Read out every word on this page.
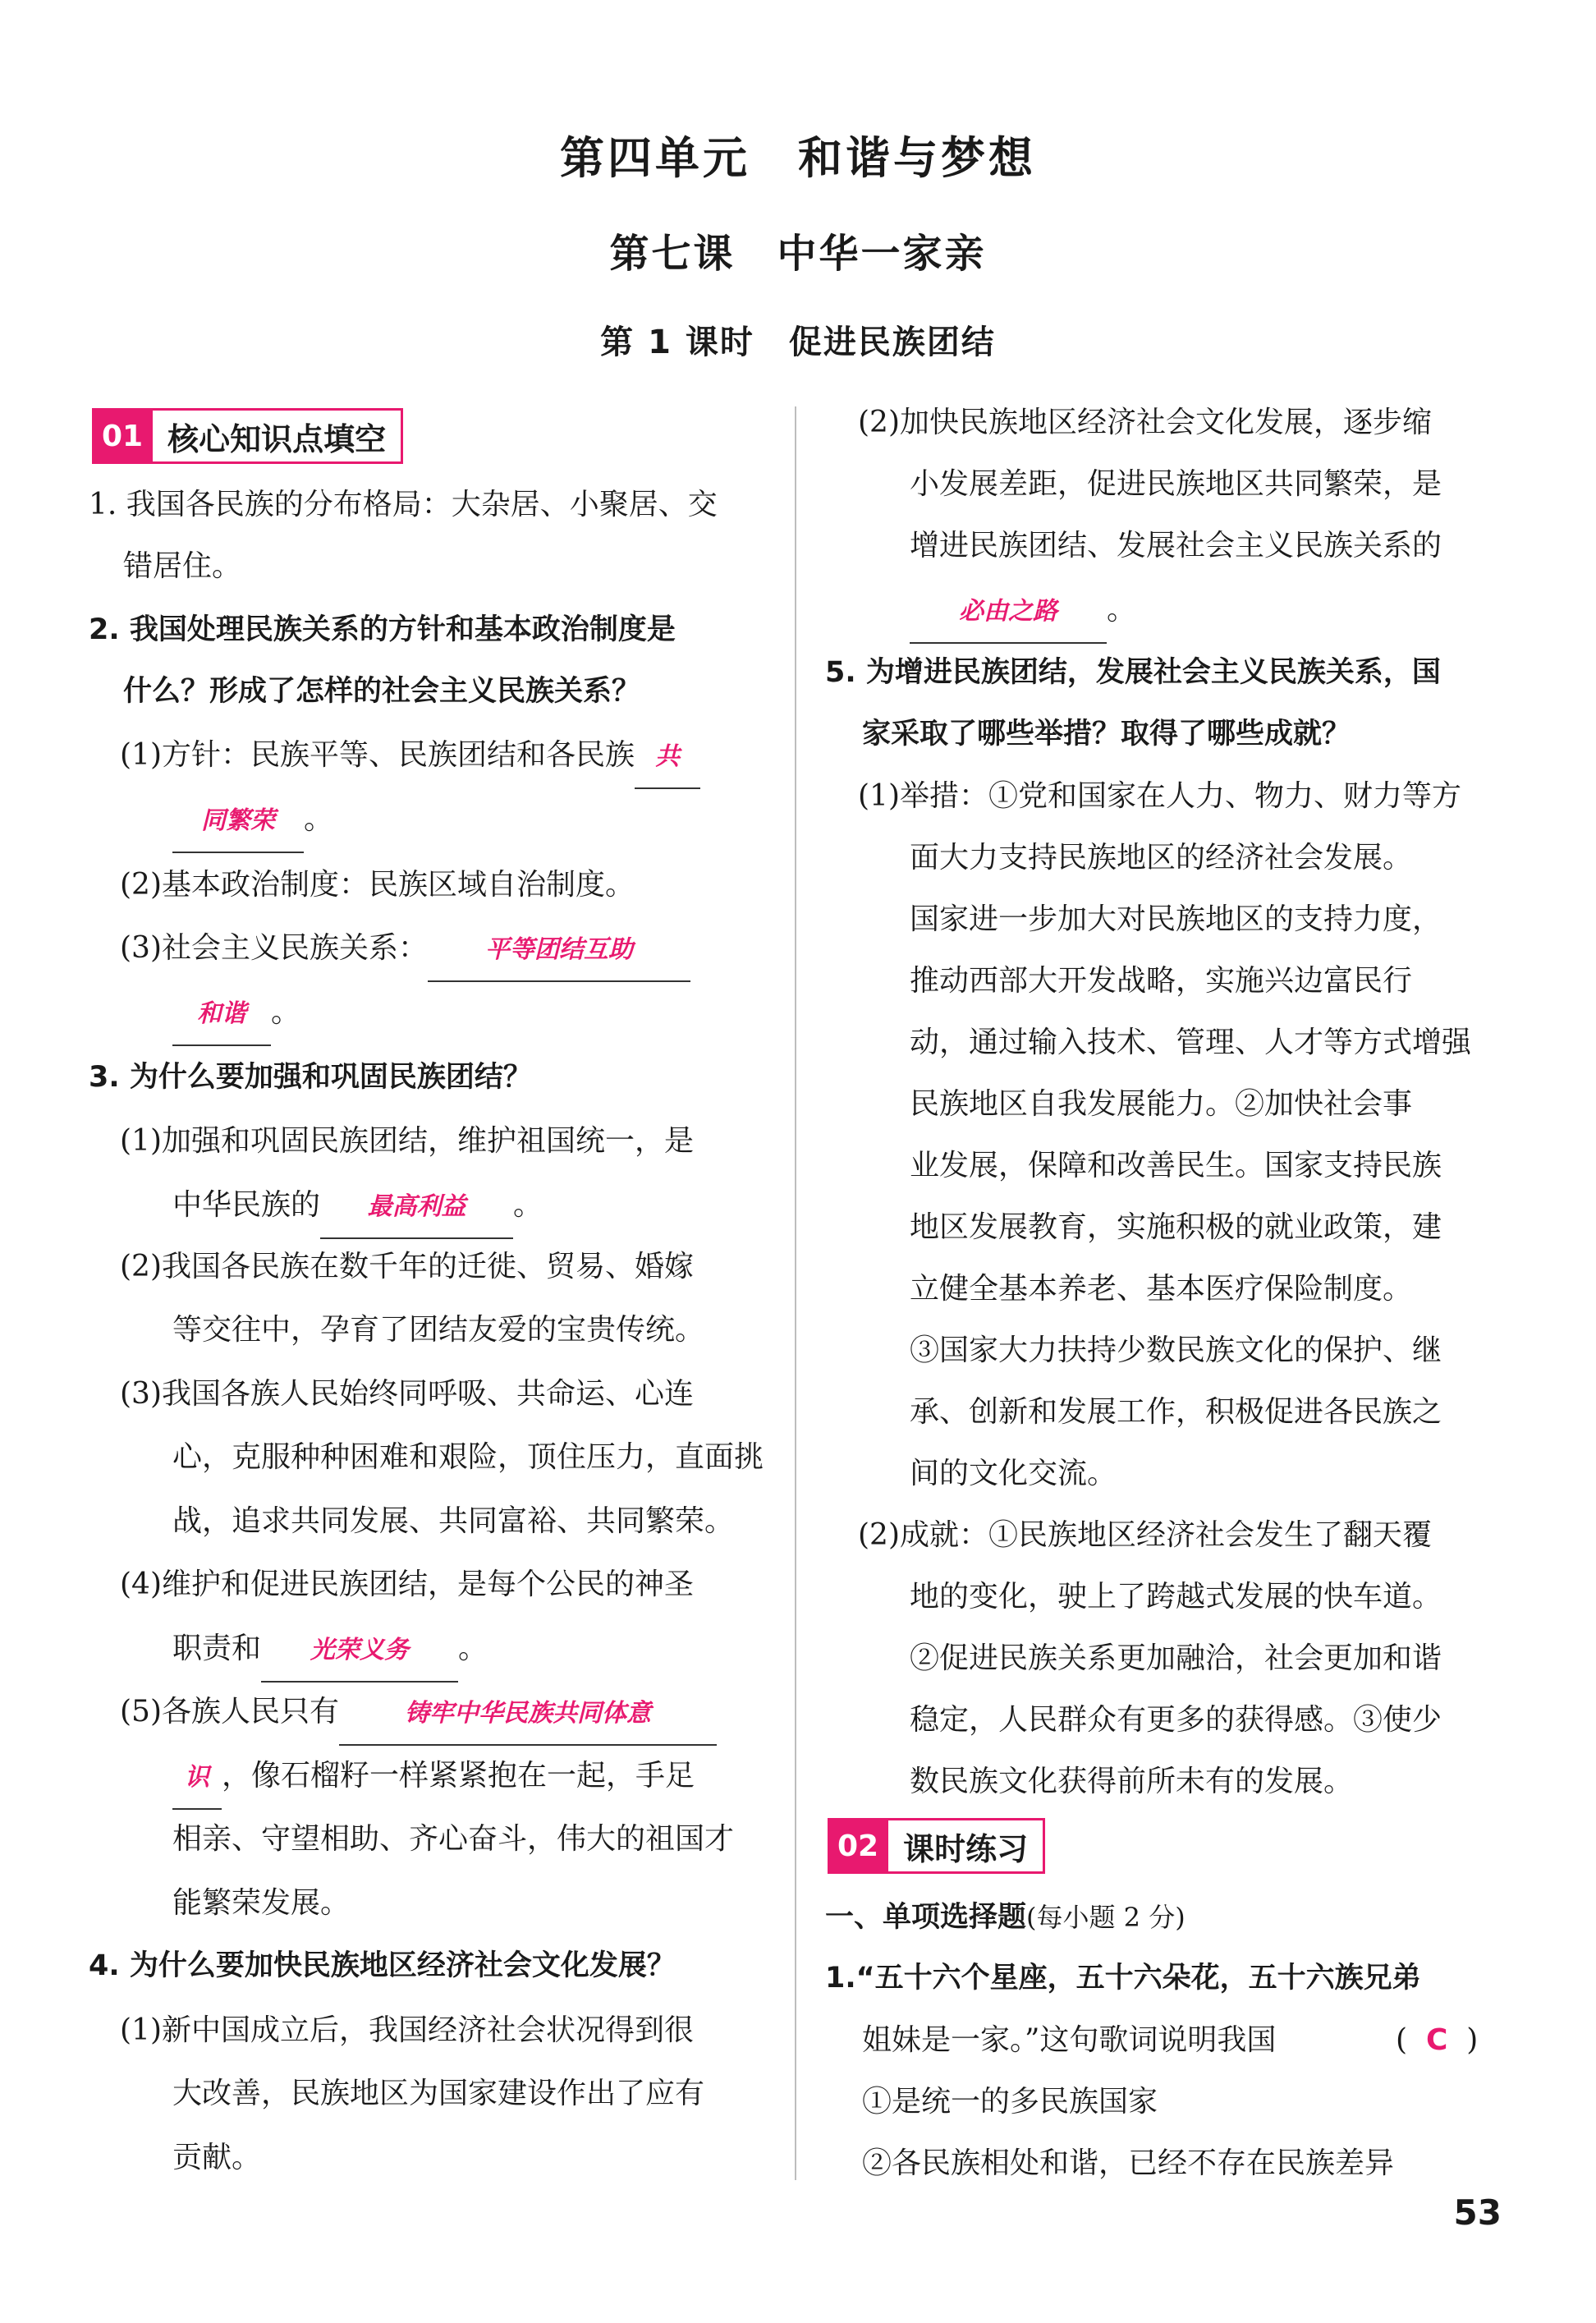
第四单元　和谐与梦想
第七课　中华一家亲
第 1 课时　促进民族团结
01 核心知识点填空
1. 我国各民族的分布格局：大杂居、小聚居、交
错居住。
2. 我国处理民族关系的方针和基本政治制度是
什么？形成了怎样的社会主义民族关系？
(1)方针：民族平等、民族团结和各民族 共
同繁荣 。
(2)基本政治制度：民族区域自治制度。
(3)社会主义民族关系： 平等团结互助
和谐 。
3. 为什么要加强和巩固民族团结？
(1)加强和巩固民族团结，维护祖国统一，是
中华民族的 最高利益 。
(2)我国各民族在数千年的迁徙、贸易、婚嫁
等交往中，孕育了团结友爱的宝贵传统。
(3)我国各族人民始终同呼吸、共命运、心连
心，克服种种困难和艰险，顶住压力，直面挑
战，追求共同发展、共同富裕、共同繁荣。
(4)维护和促进民族团结，是每个公民的神圣
职责和 光荣义务 。
(5)各族人民只有	铸牢中华民族共同体意
识 ，像石榴籽一样紧紧抱在一起，手足
相亲、守望相助、齐心奋斗，伟大的祖国才
能繁荣发展。
4. 为什么要加快民族地区经济社会文化发展？
(1)新中国成立后，我国经济社会状况得到很
大改善，民族地区为国家建设作出了应有
贡献。
(2)加快民族地区经济社会文化发展，逐步缩
小发展差距，促进民族地区共同繁荣，是
增进民族团结、发展社会主义民族关系的
必由之路 。
5. 为增进民族团结，发展社会主义民族关系，国
家采取了哪些举措？取得了哪些成就？
(1)举措：①党和国家在人力、物力、财力等方
面大力支持民族地区的经济社会发展。
国家进一步加大对民族地区的支持力度，
推动西部大开发战略，实施兴边富民行
动，通过输入技术、管理、人才等方式增强
民族地区自我发展能力。②加快社会事
业发展，保障和改善民生。国家支持民族
地区发展教育，实施积极的就业政策，建
立健全基本养老、基本医疗保险制度。
③国家大力扶持少数民族文化的保护、继
承、创新和发展工作，积极促进各民族之
间的文化交流。
(2)成就：①民族地区经济社会发生了翻天覆
地的变化，驶上了跨越式发展的快车道。
②促进民族关系更加融洽，社会更加和谐
稳定，人民群众有更多的获得感。③使少
数民族文化获得前所未有的发展。
02 课时练习
一、单项选择题(每小题 2 分)
1.“五十六个星座，五十六朵花，五十六族兄弟
姐妹是一家。”这句歌词说明我国	( C )
①是统一的多民族国家
②各民族相处和谐，已经不存在民族差异
53
